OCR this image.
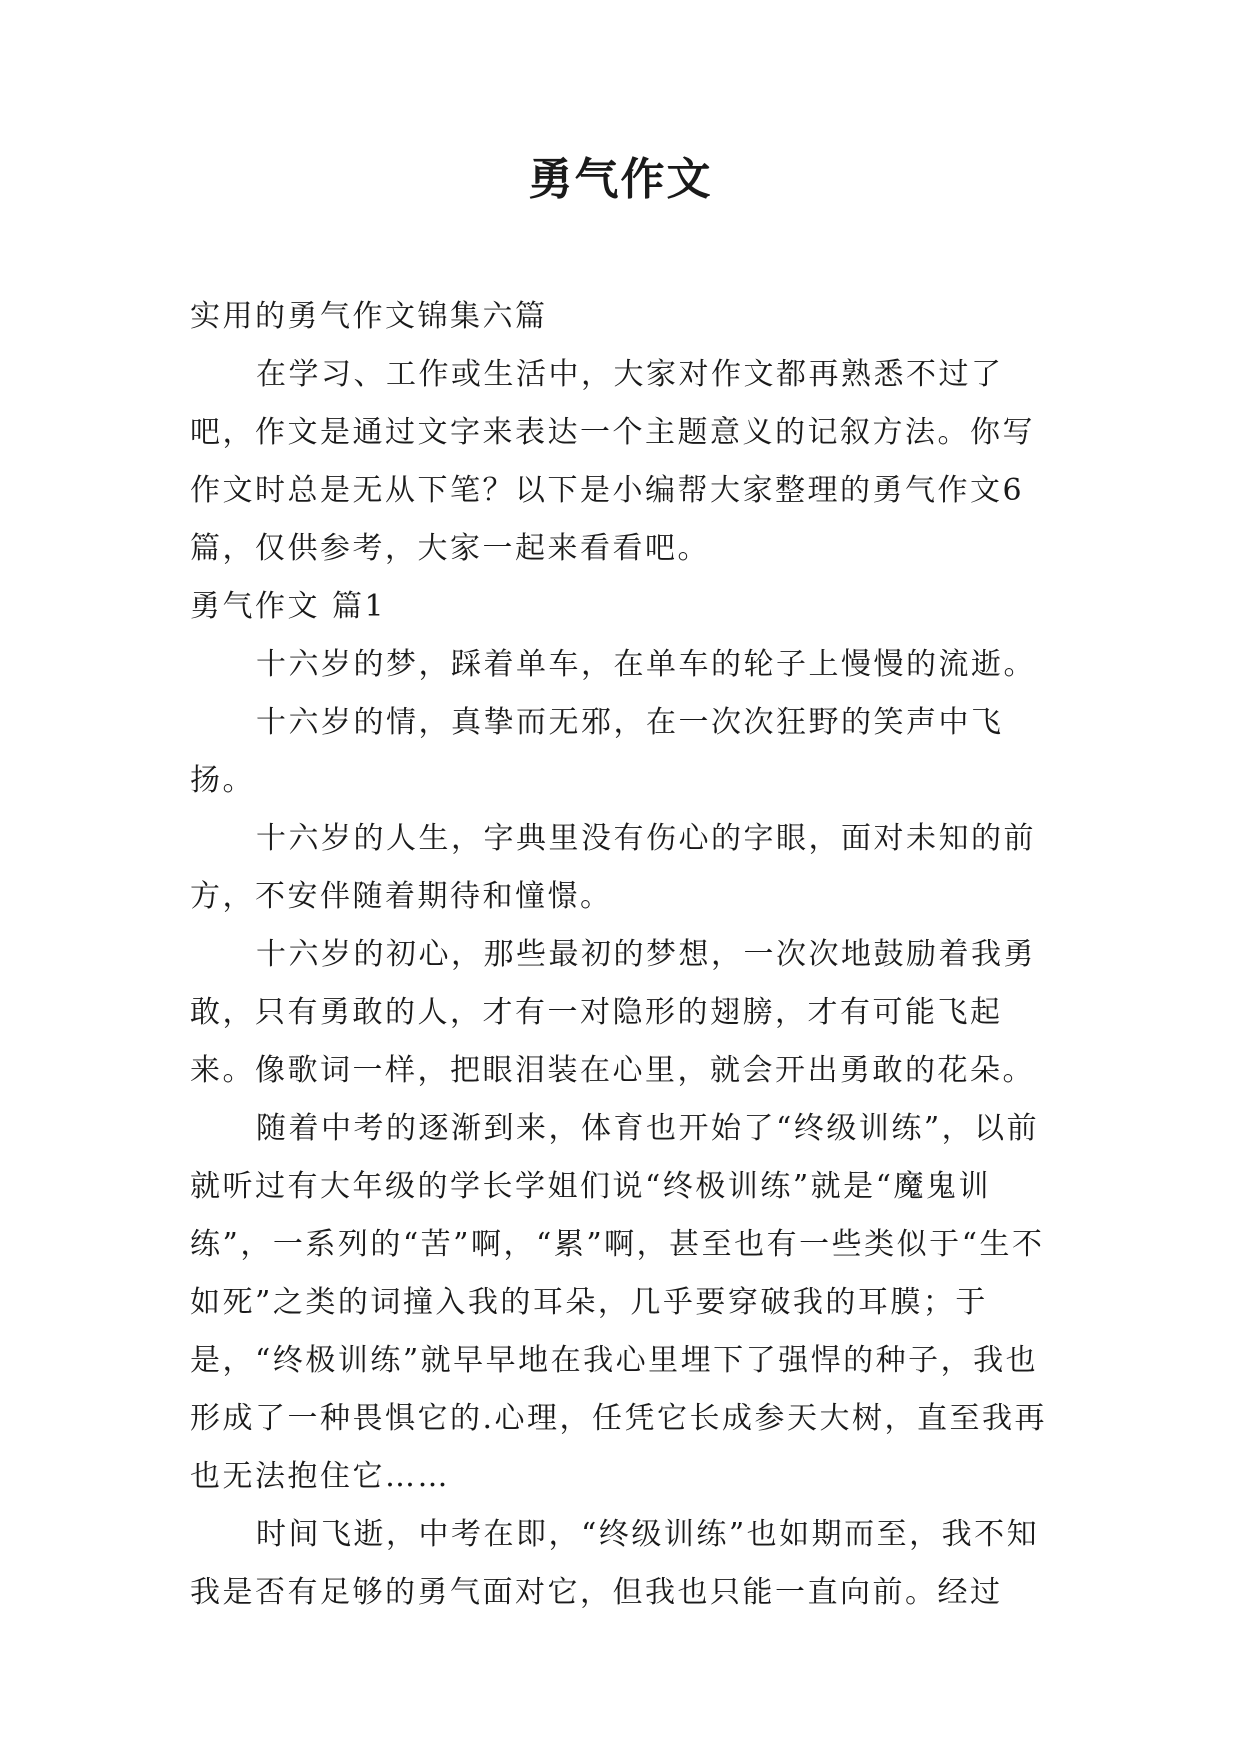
勇气作文

实用的勇气作文锦集六篇

在学习、工作或生活中，大家对作文都再熟悉不过了吧，作文是通过文字来表达一个主题意义的记叙方法。你写作文时总是无从下笔？以下是小编帮大家整理的勇气作文6篇，仅供参考，大家一起来看看吧。

勇气作文 篇1

十六岁的梦，踩着单车，在单车的轮子上慢慢的流逝。

十六岁的情，真挚而无邪，在一次次狂野的笑声中飞扬。

十六岁的人生，字典里没有伤心的字眼，面对未知的前方，不安伴随着期待和憧憬。

十六岁的初心，那些最初的梦想，一次次地鼓励着我勇敢，只有勇敢的人，才有一对隐形的翅膀，才有可能飞起来。像歌词一样，把眼泪装在心里，就会开出勇敢的花朵。

随着中考的逐渐到来，体育也开始了“终级训练”，以前就听过有大年级的学长学姐们说“终极训练”就是“魔鬼训练”，一系列的“苦”啊，“累”啊，甚至也有一些类似于“生不如死”之类的词撞入我的耳朵，几乎要穿破我的耳膜；于是，“终极训练”就早早地在我心里埋下了强悍的种子，我也形成了一种畏惧它的.心理，任凭它长成参天大树，直至我再也无法抱住它……

时间飞逝，中考在即，“终级训练”也如期而至，我不知我是否有足够的勇气面对它，但我也只能一直向前。经过
